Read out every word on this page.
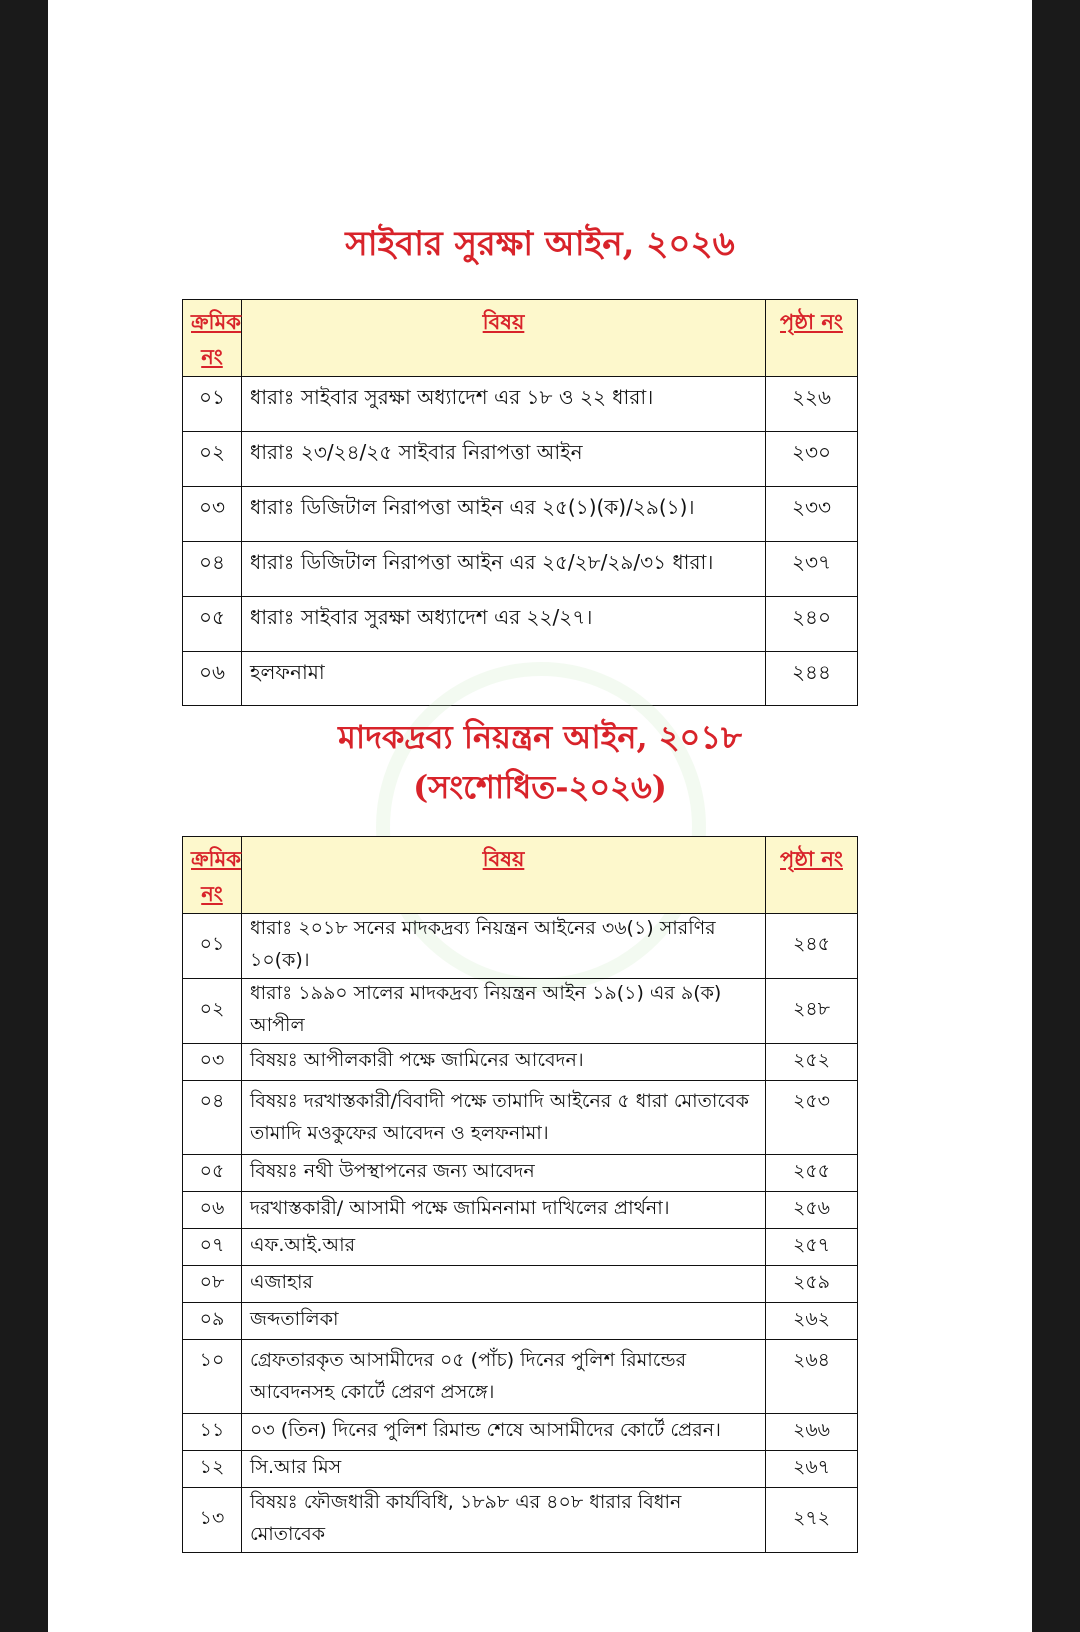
সাইবার সুরক্ষা আইন, ২০২৬
ক্রমিক নং	বিষয়	পৃষ্ঠা নং
০১	ধারাঃ সাইবার সুরক্ষা অধ্যাদেশ এর ১৮ ও ২২ ধারা।	২২৬
০২	ধারাঃ ২৩/২৪/২৫ সাইবার নিরাপত্তা আইন	২৩০
০৩	ধারাঃ ডিজিটাল নিরাপত্তা আইন এর ২৫(১)(ক)/২৯(১)।	২৩৩
০৪	ধারাঃ ডিজিটাল নিরাপত্তা আইন এর ২৫/২৮/২৯/৩১ ধারা।	২৩৭
০৫	ধারাঃ সাইবার সুরক্ষা অধ্যাদেশ এর ২২/২৭।	২৪০
০৬	হলফনামা	২৪৪
মাদকদ্রব্য নিয়ন্ত্রন আইন, ২০১৮
(সংশোধিত-২০২৬)
ক্রমিক নং	বিষয়	পৃষ্ঠা নং
০১	ধারাঃ ২০১৮ সনের মাদকদ্রব্য নিয়ন্ত্রন আইনের ৩৬(১) সারণির ১০(ক)।	২৪৫
০২	ধারাঃ ১৯৯০ সালের মাদকদ্রব্য নিয়ন্ত্রন আইন ১৯(১) এর ৯(ক) আপীল	২৪৮
০৩	বিষয়ঃ আপীলকারী পক্ষে জামিনের আবেদন।	২৫২
০৪	বিষয়ঃ দরখাস্তকারী/বিবাদী পক্ষে তামাদি আইনের ৫ ধারা মোতাবেক তামাদি মওকুফের আবেদন ও হলফনামা।	২৫৩
০৫	বিষয়ঃ নথী উপস্থাপনের জন্য আবেদন	২৫৫
০৬	দরখাস্তকারী/ আসামী পক্ষে জামিননামা দাখিলের প্রার্থনা।	২৫৬
০৭	এফ.আই.আর	২৫৭
০৮	এজাহার	২৫৯
০৯	জব্দতালিকা	২৬২
১০	গ্রেফতারকৃত আসামীদের ০৫ (পাঁচ) দিনের পুলিশ রিমান্ডের আবেদনসহ কোর্টে প্রেরণ প্রসঙ্গে।	২৬৪
১১	০৩ (তিন) দিনের পুলিশ রিমান্ড শেষে আসামীদের কোর্টে প্রেরন।	২৬৬
১২	সি.আর মিস	২৬৭
১৩	বিষয়ঃ ফৌজধারী কার্যবিধি, ১৮৯৮ এর ৪০৮ ধারার বিধান মোতাবেক	২৭২
